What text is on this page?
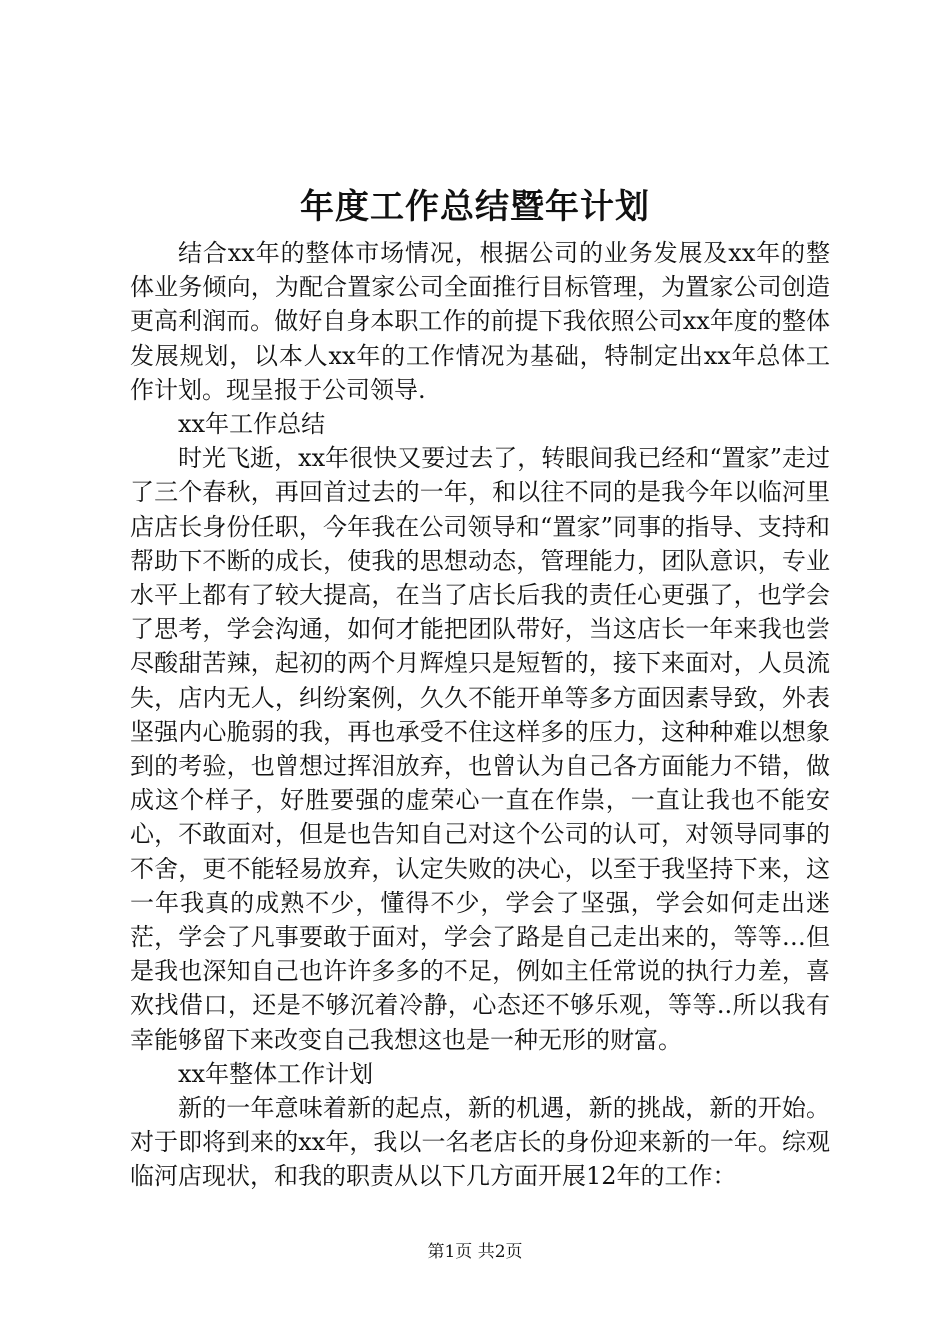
年度工作总结暨年计划

结合xx年的整体市场情况，根据公司的业务发展及xx年的整体业务倾向，为配合置家公司全面推行目标管理，为置家公司创造更高利润而。做好自身本职工作的前提下我依照公司xx年度的整体发展规划，以本人xx年的工作情况为基础，特制定出xx年总体工作计划。现呈报于公司领导.

xx年工作总结

时光飞逝，xx年很快又要过去了，转眼间我已经和“置家”走过了三个春秋，再回首过去的一年，和以往不同的是我今年以临河里店店长身份任职，今年我在公司领导和“置家”同事的指导、支持和帮助下不断的成长，使我的思想动态，管理能力，团队意识，专业水平上都有了较大提高，在当了店长后我的责任心更强了，也学会了思考，学会沟通，如何才能把团队带好，当这店长一年来我也尝尽酸甜苦辣，起初的两个月辉煌只是短暂的，接下来面对，人员流失，店内无人，纠纷案例，久久不能开单等多方面因素导致，外表坚强内心脆弱的我，再也承受不住这样多的压力，这种种难以想象到的考验，也曾想过挥泪放弃，也曾认为自己各方面能力不错，做成这个样子，好胜要强的虚荣心一直在作祟，一直让我也不能安心，不敢面对，但是也告知自己对这个公司的认可，对领导同事的不舍，更不能轻易放弃，认定失败的决心，以至于我坚持下来，这一年我真的成熟不少，懂得不少，学会了坚强，学会如何走出迷茫，学会了凡事要敢于面对，学会了路是自己走出来的，等等…但是我也深知自己也许许多多的不足，例如主任常说的执行力差，喜欢找借口，还是不够沉着冷静，心态还不够乐观，等等..所以我有幸能够留下来改变自己我想这也是一种无形的财富。

xx年整体工作计划

新的一年意味着新的起点，新的机遇，新的挑战，新的开始。对于即将到来的xx年，我以一名老店长的身份迎来新的一年。综观临河店现状，和我的职责从以下几方面开展12年的工作：

第1页 共2页
